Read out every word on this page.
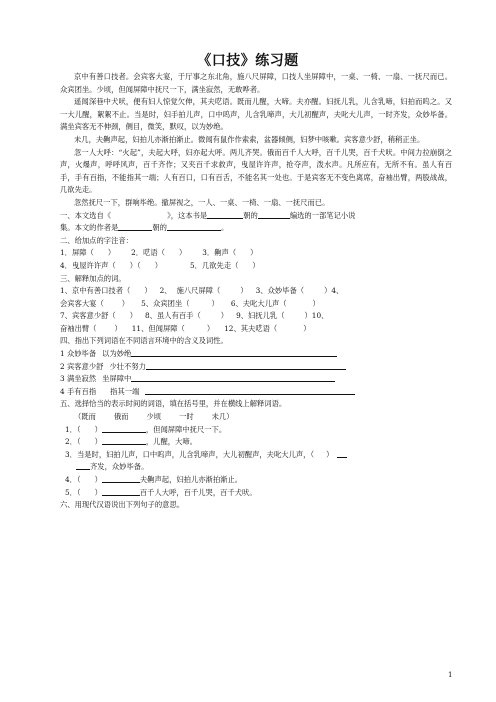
《口技》练习题

京中有善口技者。会宾客大宴，于厅事之东北角，施八尺屏障，口技人坐屏障中，一桌、一椅、一扇、一抚尺而已。众宾团坐。少顷，但闻屏障中抚尺一下，满坐寂然，无敢哗者。

遥闻深巷中犬吠，便有妇人惊觉欠伸，其夫呓语。既而儿醒，大啼。夫亦醒。妇抚儿乳，儿含乳啼，妇拍而呜之。又一大儿醒，絮絮不止。当是时，妇手拍儿声，口中呜声，儿含乳啼声，大儿初醒声，夫叱大儿声，一时齐发，众妙毕备。满坐宾客无不伸颈，侧目，微笑，默叹，以为妙绝。

未几，夫齁声起，妇拍儿亦渐拍渐止。微闻有鼠作作索索，盆器倾侧，妇梦中咳嗽。宾客意少舒，稍稍正坐。

忽一人大呼：“火起”，夫起大呼，妇亦起大呼。两儿齐哭。俄而百千人大呼，百千儿哭，百千犬吠。中间力拉崩倒之声，火爆声，呼呼风声，百千齐作；又夹百千求救声，曳屋许许声，抢夺声，泼水声。凡所应有，无所不有。虽人有百手，手有百指，不能指其一端；人有百口，口有百舌，不能名其一处也。于是宾客无不变色离席，奋袖出臂，两股战战，几欲先走。

忽然抚尺一下，群响毕绝。撤屏视之，一人、一桌、一椅、一扇、一抚尺而已。

一、本文选自《	》，这本书是	朝的	编选的一部笔记小说

集。本文的作者是	朝的	。

二、给加点的字注音：

1．屏障（ ） 2．呓语（ ） 3．齁声（ ）

4．曳屋许许声（ ）（ ）	5．几欲先走（ ）

三、解释加点的词。

1、京中有善口技者（ ） 2、 施八尺屏障（	） 3、众妙毕备（	）4、

会宾客大宴（ ） 5、众宾团坐（	） 6、夫叱大儿声（	）

7、宾客意少舒（ ） 8、虽人有百手（	） 9、妇抚儿乳（	）10、

奋袖出臂（ ） 11、但闻屏障（	） 12、其夫呓语（	）

四、指出下列词语在不同语言环境中的含义及词性。

1 众妙毕备 以为妙绝

2 宾客意少舒 少壮不努力

3 满坐寂然 坐屏障中

4 手有百指 指其一端

五、选择恰当的表示时间的词语，填在括号里，并在横线上解释词语。

（既而 俄而 少顷 一时 未几）

1．（ ）	，但闻屏障中抚尺一下。

2．（ ）	，儿醒，大啼。

3．当是时，妇拍儿声，口中呜声，儿含乳啼声，大儿初醒声，夫叱大儿声，（ ）

齐发，众妙毕备。

4．（ ）	夫齁声起，妇拍儿亦渐拍渐止。

5．（ ）	百千人大呼，百千儿哭，百千犬吠。

六、用现代汉语说出下列句子的意思。

1
